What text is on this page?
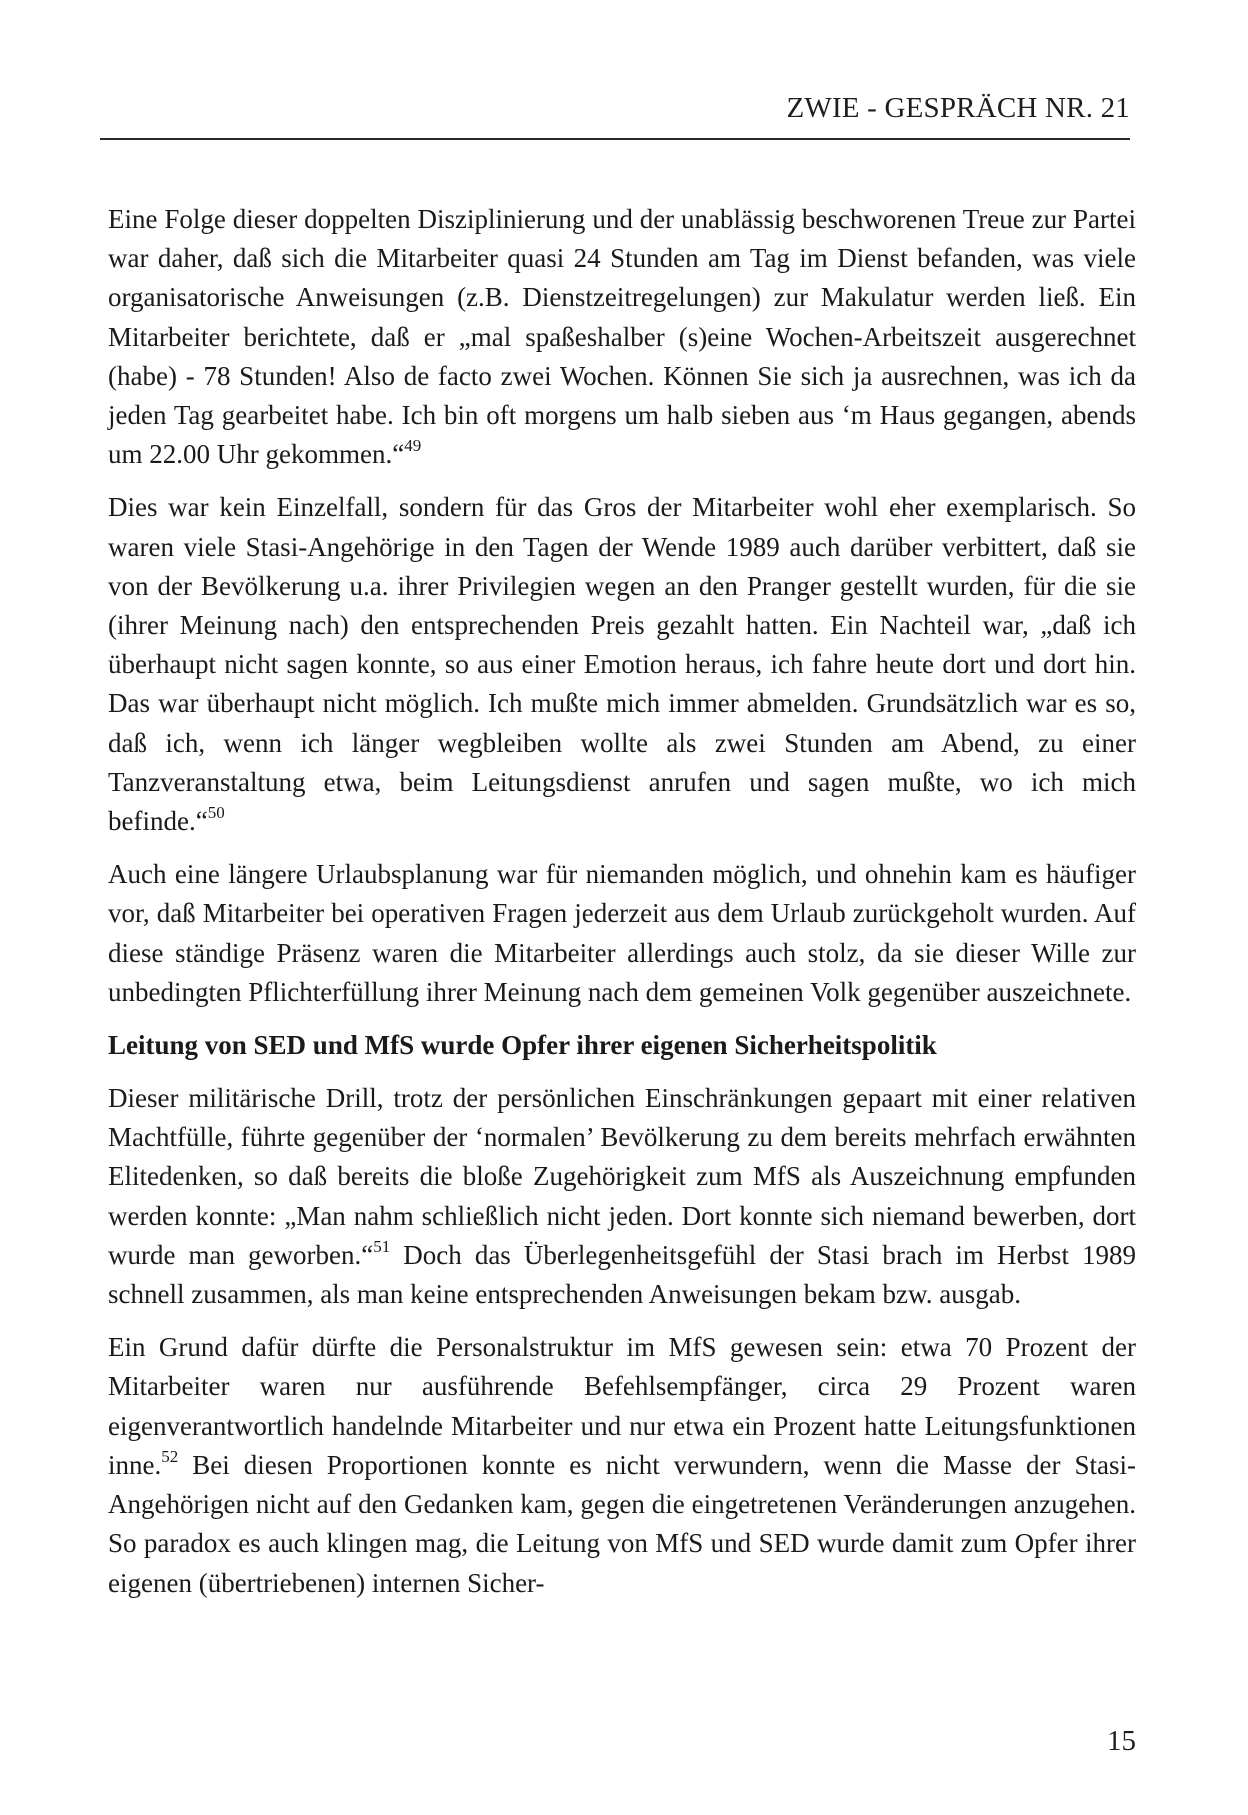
ZWIE - GESPRÄCH NR. 21

Eine Folge dieser doppelten Disziplinierung und der unablässig beschworenen Treue zur Partei war daher, daß sich die Mitarbeiter quasi 24 Stunden am Tag im Dienst befanden, was viele organisatorische Anweisungen (z.B. Dienstzeitregelungen) zur Makulatur werden ließ. Ein Mitarbeiter berichtete, daß er „mal spaßeshalber (s)eine Wochen-Arbeitszeit ausgerechnet (habe) - 78 Stunden! Also de facto zwei Wochen. Können Sie sich ja ausrechnen, was ich da jeden Tag gearbeitet habe. Ich bin oft morgens um halb sieben aus ‘m Haus gegangen, abends um 22.00 Uhr gekommen.“$^{49}$

Dies war kein Einzelfall, sondern für das Gros der Mitarbeiter wohl eher exemplarisch. So waren viele Stasi-Angehörige in den Tagen der Wende 1989 auch darüber verbittert, daß sie von der Bevölkerung u.a. ihrer Privilegien wegen an den Pranger gestellt wurden, für die sie (ihrer Meinung nach) den entsprechenden Preis gezahlt hatten. Ein Nachteil war, „daß ich überhaupt nicht sagen konnte, so aus einer Emotion heraus, ich fahre heute dort und dort hin. Das war überhaupt nicht möglich. Ich mußte mich immer abmelden. Grundsätzlich war es so, daß ich, wenn ich länger wegbleiben wollte als zwei Stunden am Abend, zu einer Tanzveranstaltung etwa, beim Leitungsdienst anrufen und sagen mußte, wo ich mich befinde.“$^{50}$

Auch eine längere Urlaubsplanung war für niemanden möglich, und ohnehin kam es häufiger vor, daß Mitarbeiter bei operativen Fragen jederzeit aus dem Urlaub zurückgeholt wurden. Auf diese ständige Präsenz waren die Mitarbeiter allerdings auch stolz, da sie dieser Wille zur unbedingten Pflichterfüllung ihrer Meinung nach dem gemeinen Volk gegenüber auszeichnete.

Leitung von SED und MfS wurde Opfer ihrer eigenen Sicherheitspolitik

Dieser militärische Drill, trotz der persönlichen Einschränkungen gepaart mit einer relativen Machtfülle, führte gegenüber der ‘normalen’ Bevölkerung zu dem bereits mehrfach erwähnten Elitedenken, so daß bereits die bloße Zugehörigkeit zum MfS als Auszeichnung empfunden werden konnte: „Man nahm schließlich nicht jeden. Dort konnte sich niemand bewerben, dort wurde man geworben.“$^{51}$ Doch das Überlegenheitsgefühl der Stasi brach im Herbst 1989 schnell zusammen, als man keine entsprechenden Anweisungen bekam bzw. ausgab.

Ein Grund dafür dürfte die Personalstruktur im MfS gewesen sein: etwa 70 Prozent der Mitarbeiter waren nur ausführende Befehlsempfänger, circa 29 Prozent waren eigenverantwortlich handelnde Mitarbeiter und nur etwa ein Prozent hatte Leitungsfunktionen inne.$^{52}$ Bei diesen Proportionen konnte es nicht verwundern, wenn die Masse der Stasi-Angehörigen nicht auf den Gedanken kam, gegen die eingetretenen Veränderungen anzugehen. So paradox es auch klingen mag, die Leitung von MfS und SED wurde damit zum Opfer ihrer eigenen (übertriebenen) internen Sicher-

15
